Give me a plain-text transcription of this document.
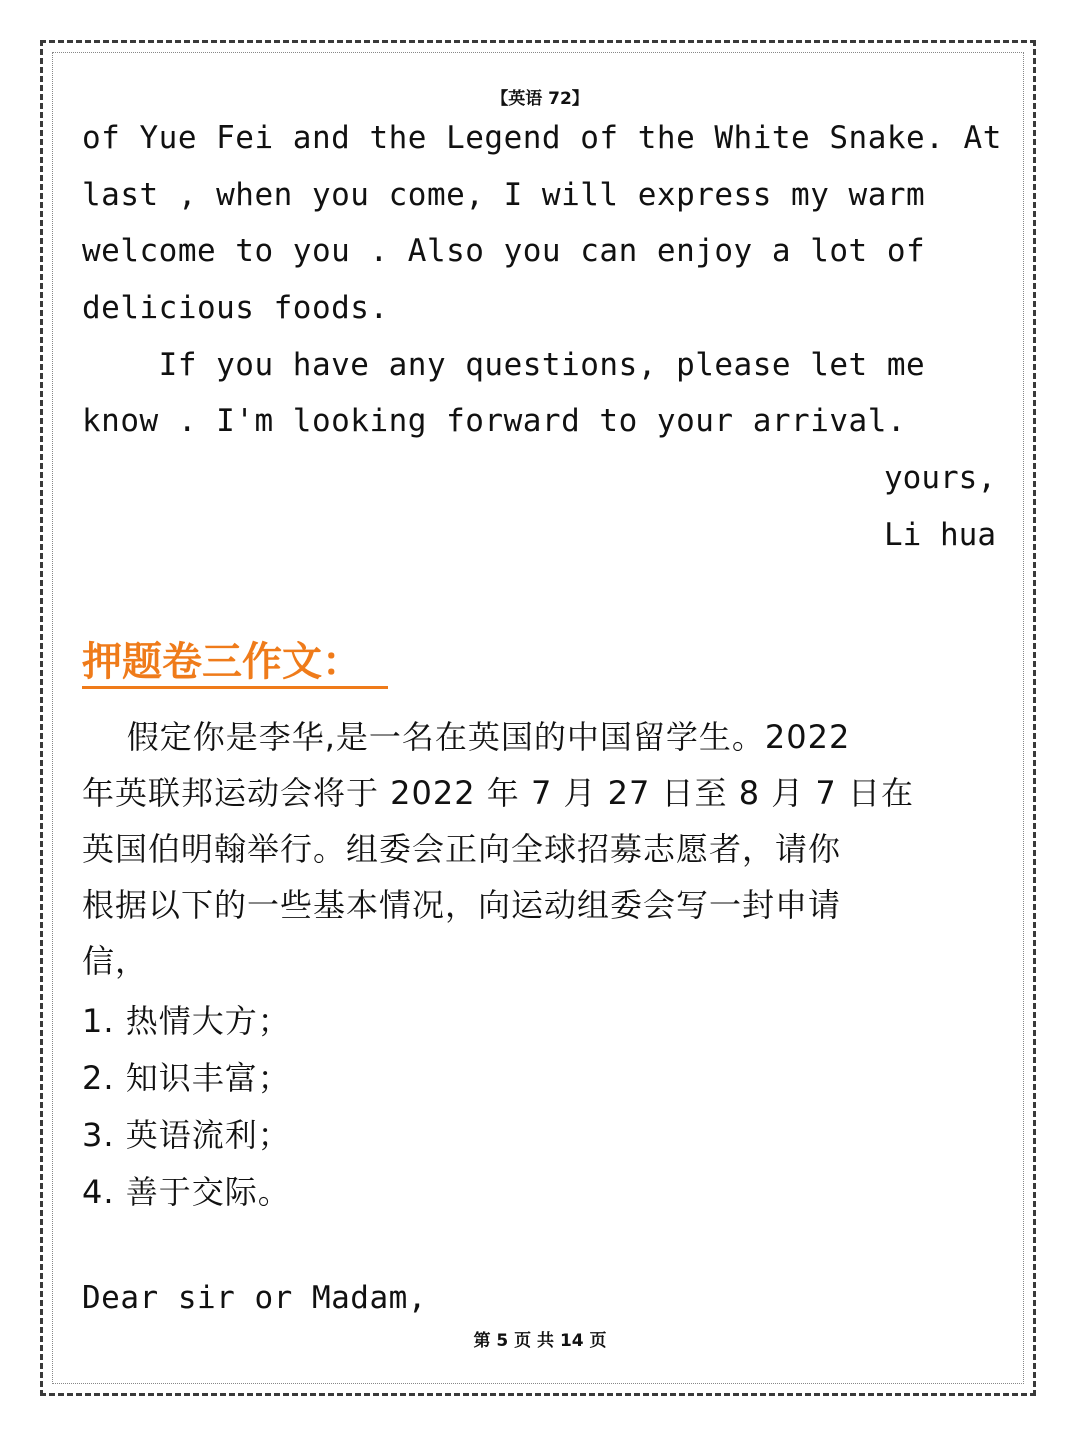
【英语 72】
of Yue Fei and the Legend of the White Snake. At
last , when you come, I will express my warm
welcome to you . Also you can enjoy a lot of
delicious foods.
If you have any questions, please let me
know . I'm looking forward to your arrival.
yours,
Li hua
押题卷三作文：
假定你是李华,是一名在英国的中国留学生。2022
年英联邦运动会将于 2022 年 7 月 27 日至 8 月 7 日在
英国伯明翰举行。组委会正向全球招募志愿者，请你
根据以下的一些基本情况，向运动组委会写一封申请
信，
1. 热情大方；
2. 知识丰富；
3. 英语流利；
4. 善于交际。
Dear sir or Madam,
第 5 页 共 14 页
